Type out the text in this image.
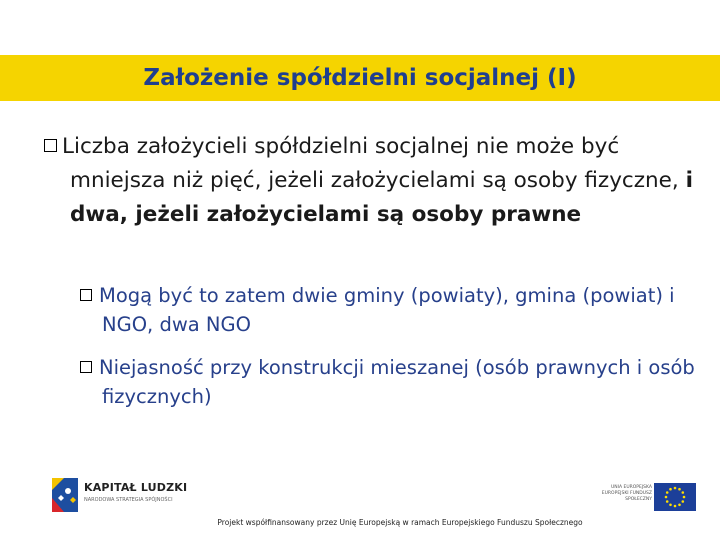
Założenie spółdzielni socjalnej (I)

Liczba założycieli spółdzielni socjalnej nie może być mniejsza niż pięć, jeżeli założycielami są osoby fizyczne, i dwa, jeżeli założycielami są osoby prawne

Mogą być to zatem dwie gminy (powiaty), gmina (powiat) i NGO, dwa NGO

Niejasność przy konstrukcji mieszanej (osób prawnych i osób fizycznych)

KAPITAŁ LUDZKI
NARODOWA STRATEGIA SPÓJNOŚCI
UNIA EUROPEJSKA EUROPEJSKI FUNDUSZ SPOŁECZNY
Projekt współfinansowany przez Unię Europejską w ramach Europejskiego Funduszu Społecznego
